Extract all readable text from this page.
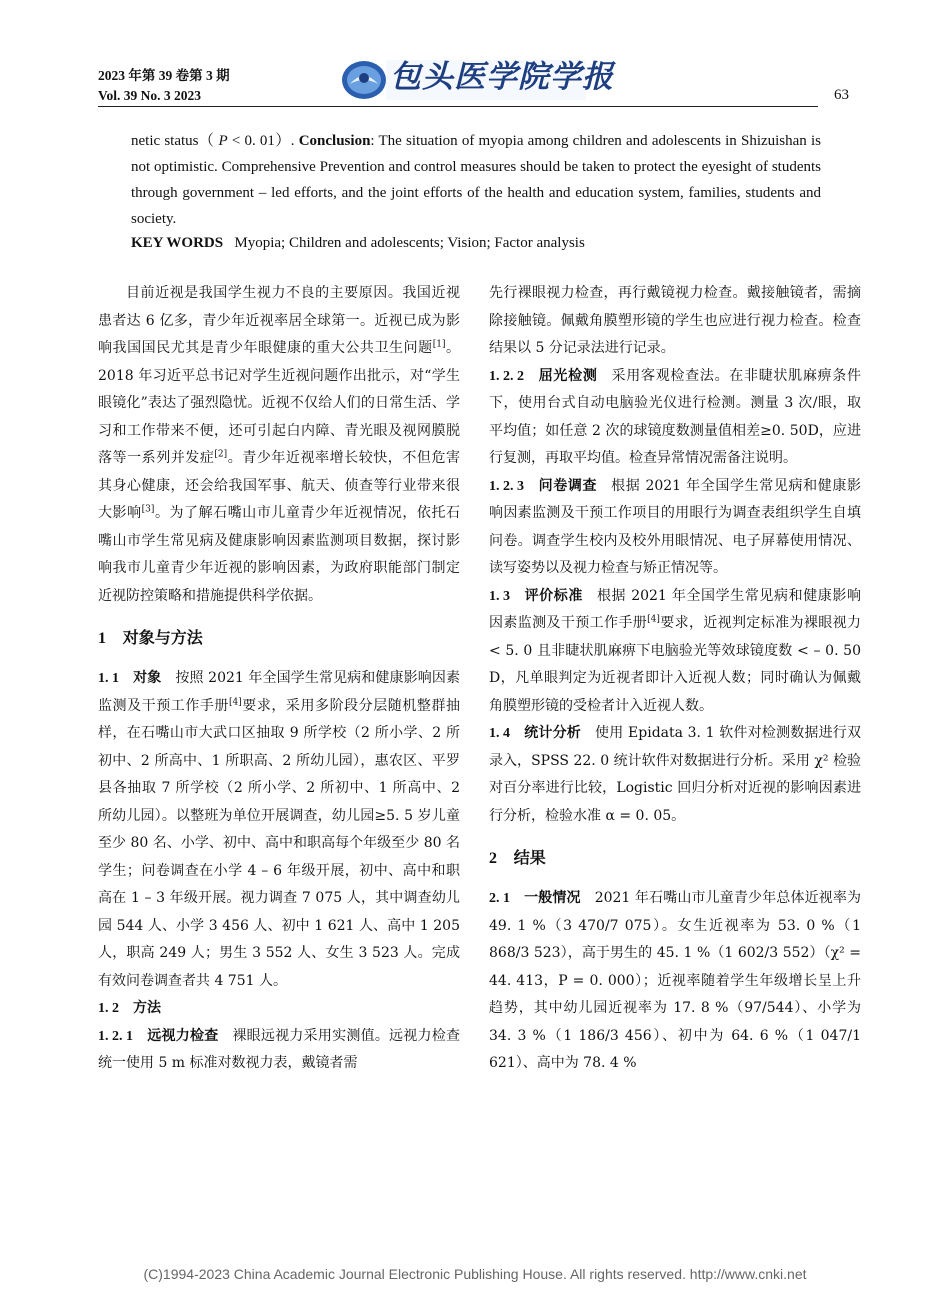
2023 年第 39 卷第 3 期
Vol. 39 No. 3 2023
包头医学院学报	63

netic status（ P < 0. 01）. Conclusion: The situation of myopia among children and adolescents in Shizuishan is not optimistic. Comprehensive Prevention and control measures should be taken to protect the eyesight of students through government – led efforts, and the joint efforts of the health and education system, families, students and society.

KEY WORDS Myopia; Children and adolescents; Vision; Factor analysis

目前近视是我国学生视力不良的主要原因。我国近视患者达 6 亿多，青少年近视率居全球第一。近视已成为影响我国国民尤其是青少年眼健康的重大公共卫生问题[1]。2018 年习近平总书记对学生近视问题作出批示，对“学生眼镜化”表达了强烈隐忧。近视不仅给人们的日常生活、学习和工作带来不便，还可引起白内障、青光眼及视网膜脱落等一系列并发症[2]。青少年近视率增长较快，不但危害其身心健康，还会给我国军事、航天、侦查等行业带来很大影响[3]。为了解石嘴山市儿童青少年近视情况，依托石嘴山市学生常见病及健康影响因素监测项目数据，探讨影响我市儿童青少年近视的影响因素，为政府职能部门制定近视防控策略和措施提供科学依据。

1 对象与方法

1. 1 对象 按照 2021 年全国学生常见病和健康影响因素监测及干预工作手册[4]要求，采用多阶段分层随机整群抽样，在石嘴山市大武口区抽取 9 所学校（2 所小学、2 所初中、2 所高中、1 所职高、2 所幼儿园），惠农区、平罗县各抽取 7 所学校（2 所小学、2 所初中、1 所高中、2 所幼儿园）。以整班为单位开展调查，幼儿园≥5. 5 岁儿童至少 80 名、小学、初中、高中和职高每个年级至少 80 名学生；问卷调查在小学 4 – 6 年级开展，初中、高中和职高在 1 – 3 年级开展。视力调查 7 075 人，其中调查幼儿园 544 人、小学 3 456 人、初中 1 621 人、高中 1 205 人，职高 249 人；男生 3 552 人、女生 3 523 人。完成有效问卷调查者共 4 751 人。

1. 2 方法

1. 2. 1 远视力检查 裸眼远视力采用实测值。远视力检查统一使用 5 m 标准对数视力表，戴镜者需

先行裸眼视力检查，再行戴镜视力检查。戴接触镜者，需摘除接触镜。佩戴角膜塑形镜的学生也应进行视力检查。检查结果以 5 分记录法进行记录。

1. 2. 2 屈光检测 采用客观检查法。在非睫状肌麻痹条件下，使用台式自动电脑验光仪进行检测。测量 3 次/眼，取平均值；如任意 2 次的球镜度数测量值相差≥0. 50D，应进行复测，再取平均值。检查异常情况需备注说明。

1. 2. 3 问卷调查 根据 2021 年全国学生常见病和健康影响因素监测及干预工作项目的用眼行为调查表组织学生自填问卷。调查学生校内及校外用眼情况、电子屏幕使用情况、读写姿势以及视力检查与矫正情况等。

1. 3 评价标准 根据 2021 年全国学生常见病和健康影响因素监测及干预工作手册[4]要求，近视判定标准为裸眼视力 < 5. 0 且非睫状肌麻痹下电脑验光等效球镜度数 < – 0. 50 D，凡单眼判定为近视者即计入近视人数；同时确认为佩戴角膜塑形镜的受检者计入近视人数。

1. 4 统计分析 使用 Epidata 3. 1 软件对检测数据进行双录入，SPSS 22. 0 统计软件对数据进行分析。采用 χ² 检验对百分率进行比较，Logistic 回归分析对近视的影响因素进行分析，检验水准 α = 0. 05。

2 结果

2. 1 一般情况 2021 年石嘴山市儿童青少年总体近视率为 49. 1 %（3 470/7 075）。女生近视率为 53. 0 %（1 868/3 523），高于男生的 45. 1 %（1 602/3 552）（χ² = 44. 413，P = 0. 000）；近视率随着学生年级增长呈上升趋势，其中幼儿园近视率为 17. 8 %（97/544）、小学为 34. 3 %（1 186/3 456）、初中为 64. 6 %（1 047/1 621）、高中为 78. 4 %

(C)1994-2023 China Academic Journal Electronic Publishing House. All rights reserved. http://www.cnki.net
